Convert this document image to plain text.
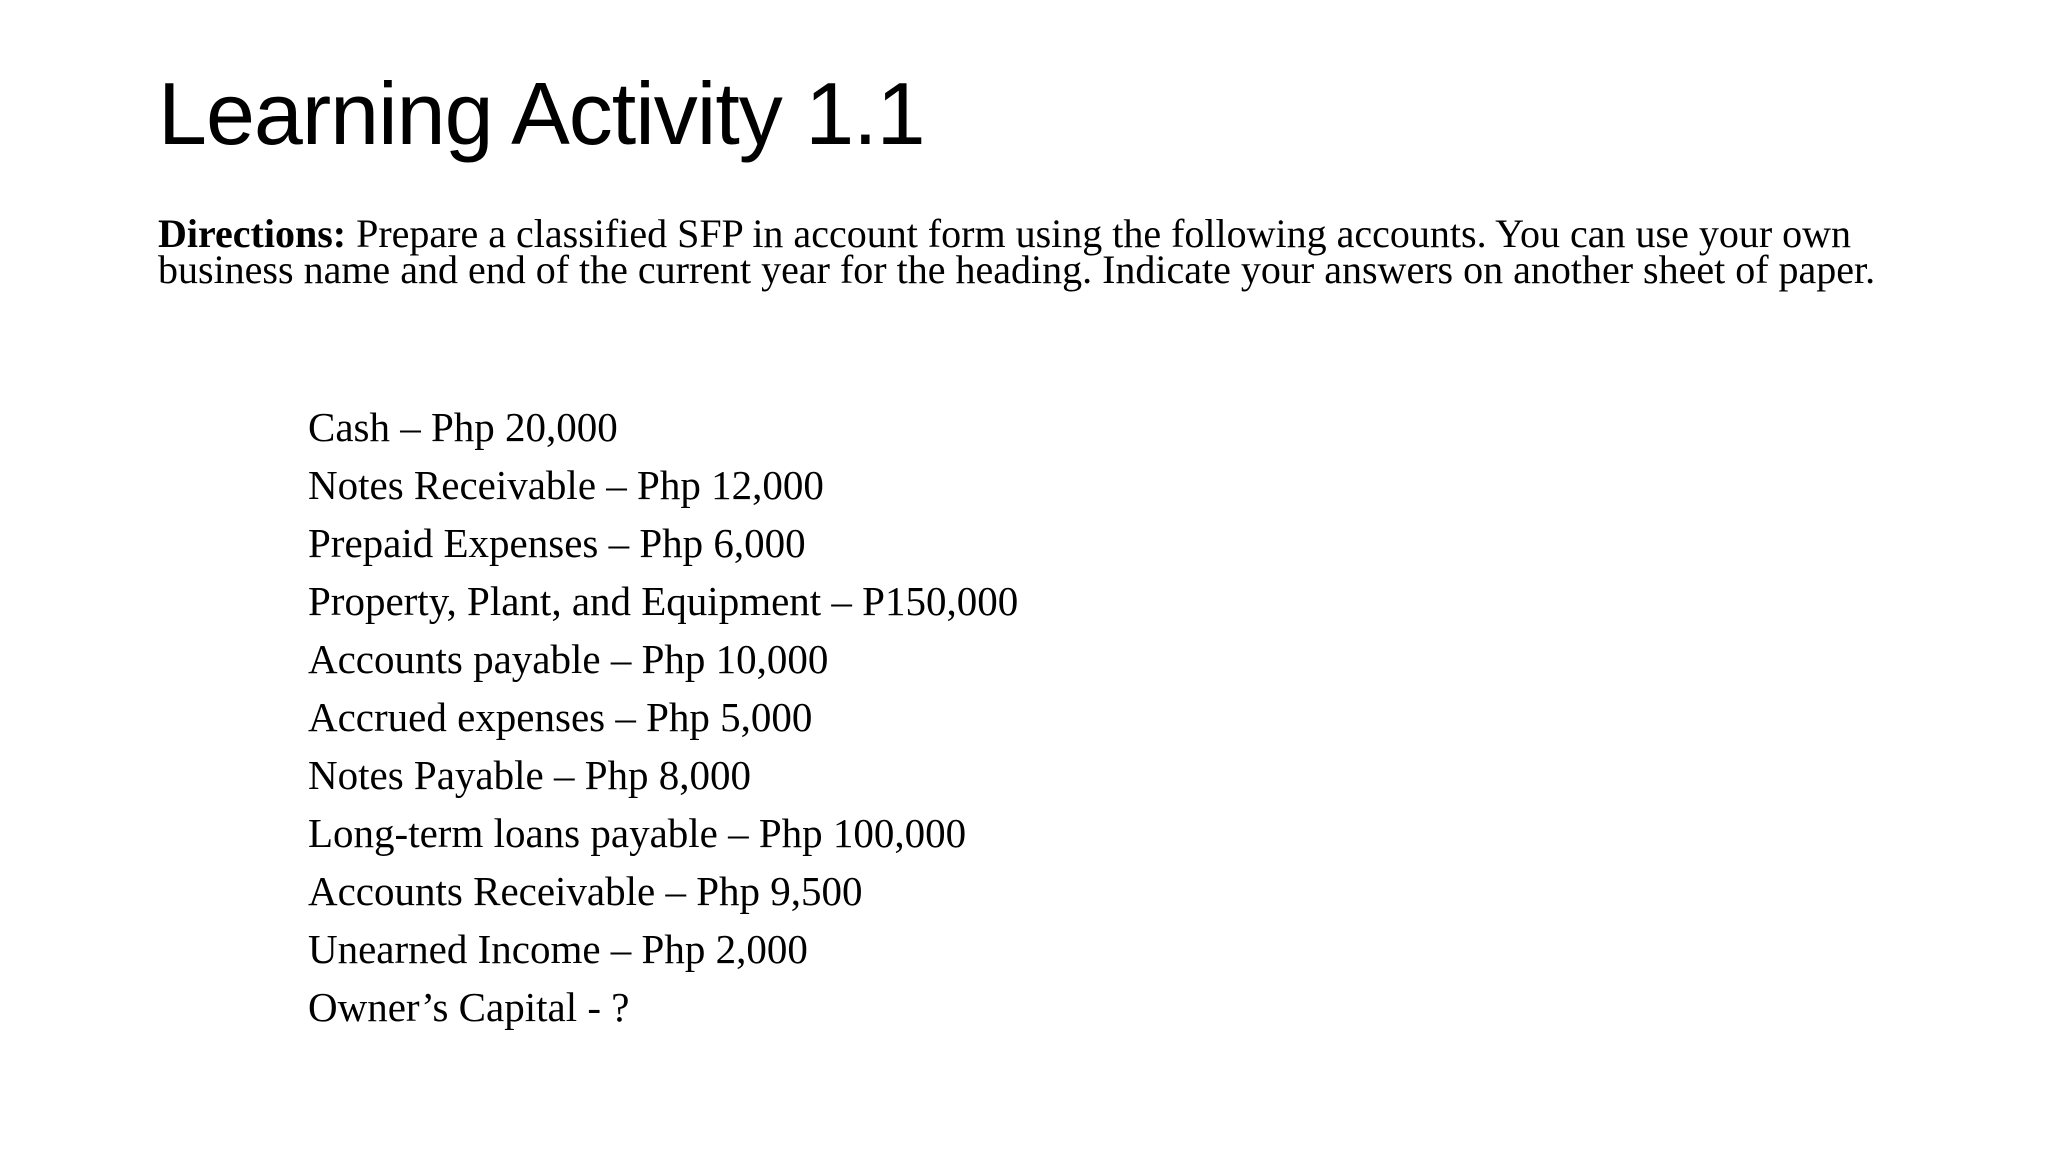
Learning Activity 1.1

Directions: Prepare a classified SFP in account form using the following accounts. You can use your own business name and end of the current year for the heading. Indicate your answers on another sheet of paper.

Cash – Php 20,000
Notes Receivable – Php 12,000
Prepaid Expenses – Php 6,000
Property, Plant, and Equipment – P150,000
Accounts payable – Php 10,000
Accrued expenses – Php 5,000
Notes Payable – Php 8,000
Long-term loans payable – Php 100,000
Accounts Receivable – Php 9,500
Unearned Income – Php 2,000
Owner’s Capital - ?
